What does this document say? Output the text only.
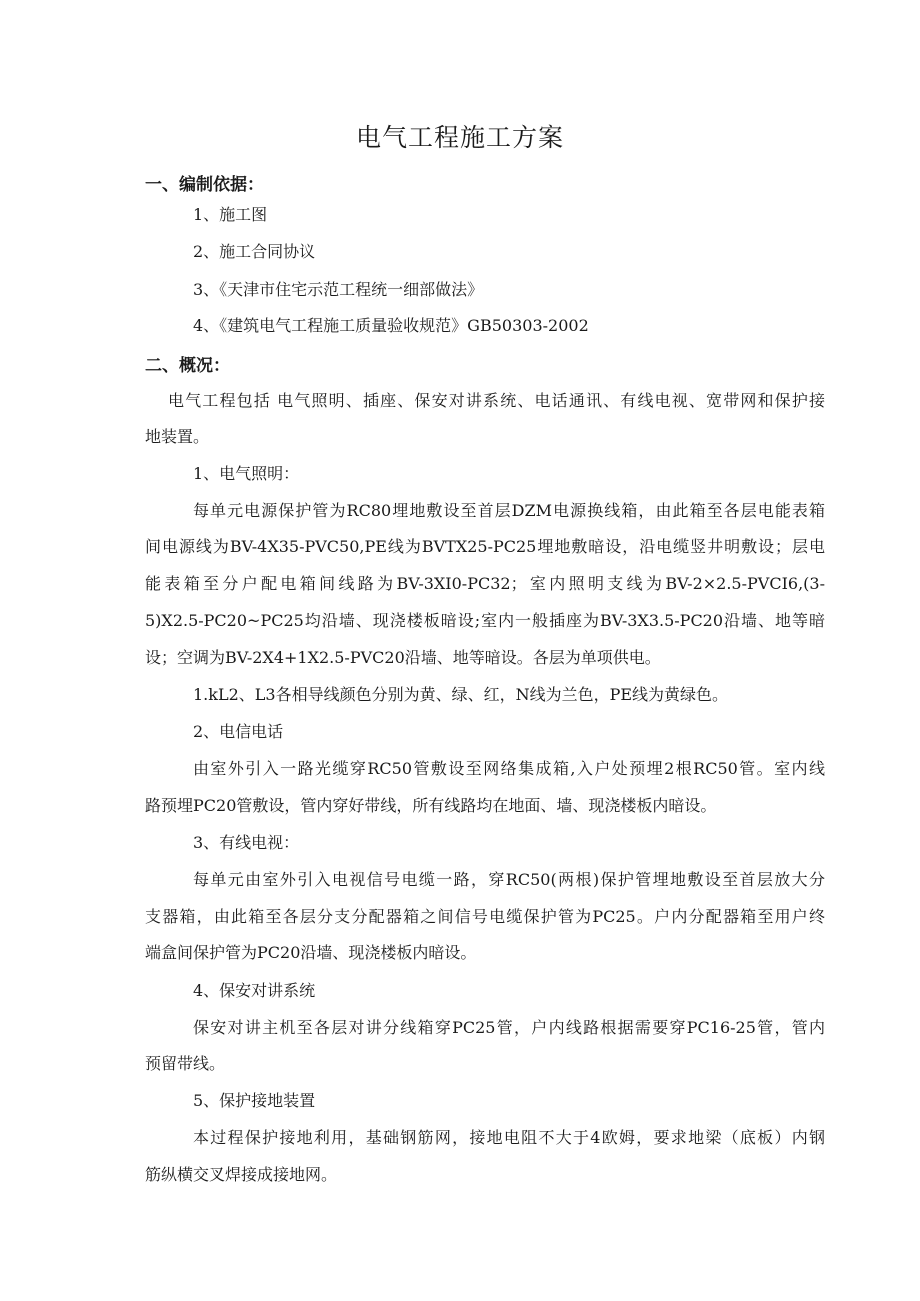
电气工程施工方案
一、编制依据：
1、施工图
2、施工合同协议
3、《天津市住宅示范工程统一细部做法》
4、《建筑电气工程施工质量验收规范》GB50303-2002
二、概况：
电气工程包括 电气照明、插座、保安对讲系统、电话通讯、有线电视、宽带网和保护接
地装置。
1、电气照明：
每单元电源保护管为RC80埋地敷设至首层DZM电源换线箱，由此箱至各层电能表箱
间电源线为BV-4X35-PVC50,PE线为BVTX25-PC25埋地敷暗设，沿电缆竖井明敷设；层电
能表箱至分户配电箱间线路为BV-3XI0-PC32；室内照明支线为BV-2×2.5-PVCI6,(3-
5)X2.5-PC20~PC25均沿墙、现浇楼板暗设;室内一般插座为BV-3X3.5-PC20沿墙、地等暗
设；空调为BV-2X4+1X2.5-PVC20沿墙、地等暗设。各层为单项供电。
1.kL2、L3各相导线颜色分别为黄、绿、红，N线为兰色，PE线为黄绿色。
2、电信电话
由室外引入一路光缆穿RC50管敷设至网络集成箱,入户处预埋2根RC50管。室内线
路预埋PC20管敷设，管内穿好带线，所有线路均在地面、墙、现浇楼板内暗设。
3、有线电视：
每单元由室外引入电视信号电缆一路，穿RC50(两根)保护管埋地敷设至首层放大分
支器箱，由此箱至各层分支分配器箱之间信号电缆保护管为PC25。户内分配器箱至用户终
端盒间保护管为PC20沿墙、现浇楼板内暗设。
4、保安对讲系统
保安对讲主机至各层对讲分线箱穿PC25管，户内线路根据需要穿PC16-25管，管内
预留带线。
5、保护接地装置
本过程保护接地利用，基础钢筋网，接地电阻不大于4欧姆，要求地梁（底板）内钢
筋纵横交叉焊接成接地网。
